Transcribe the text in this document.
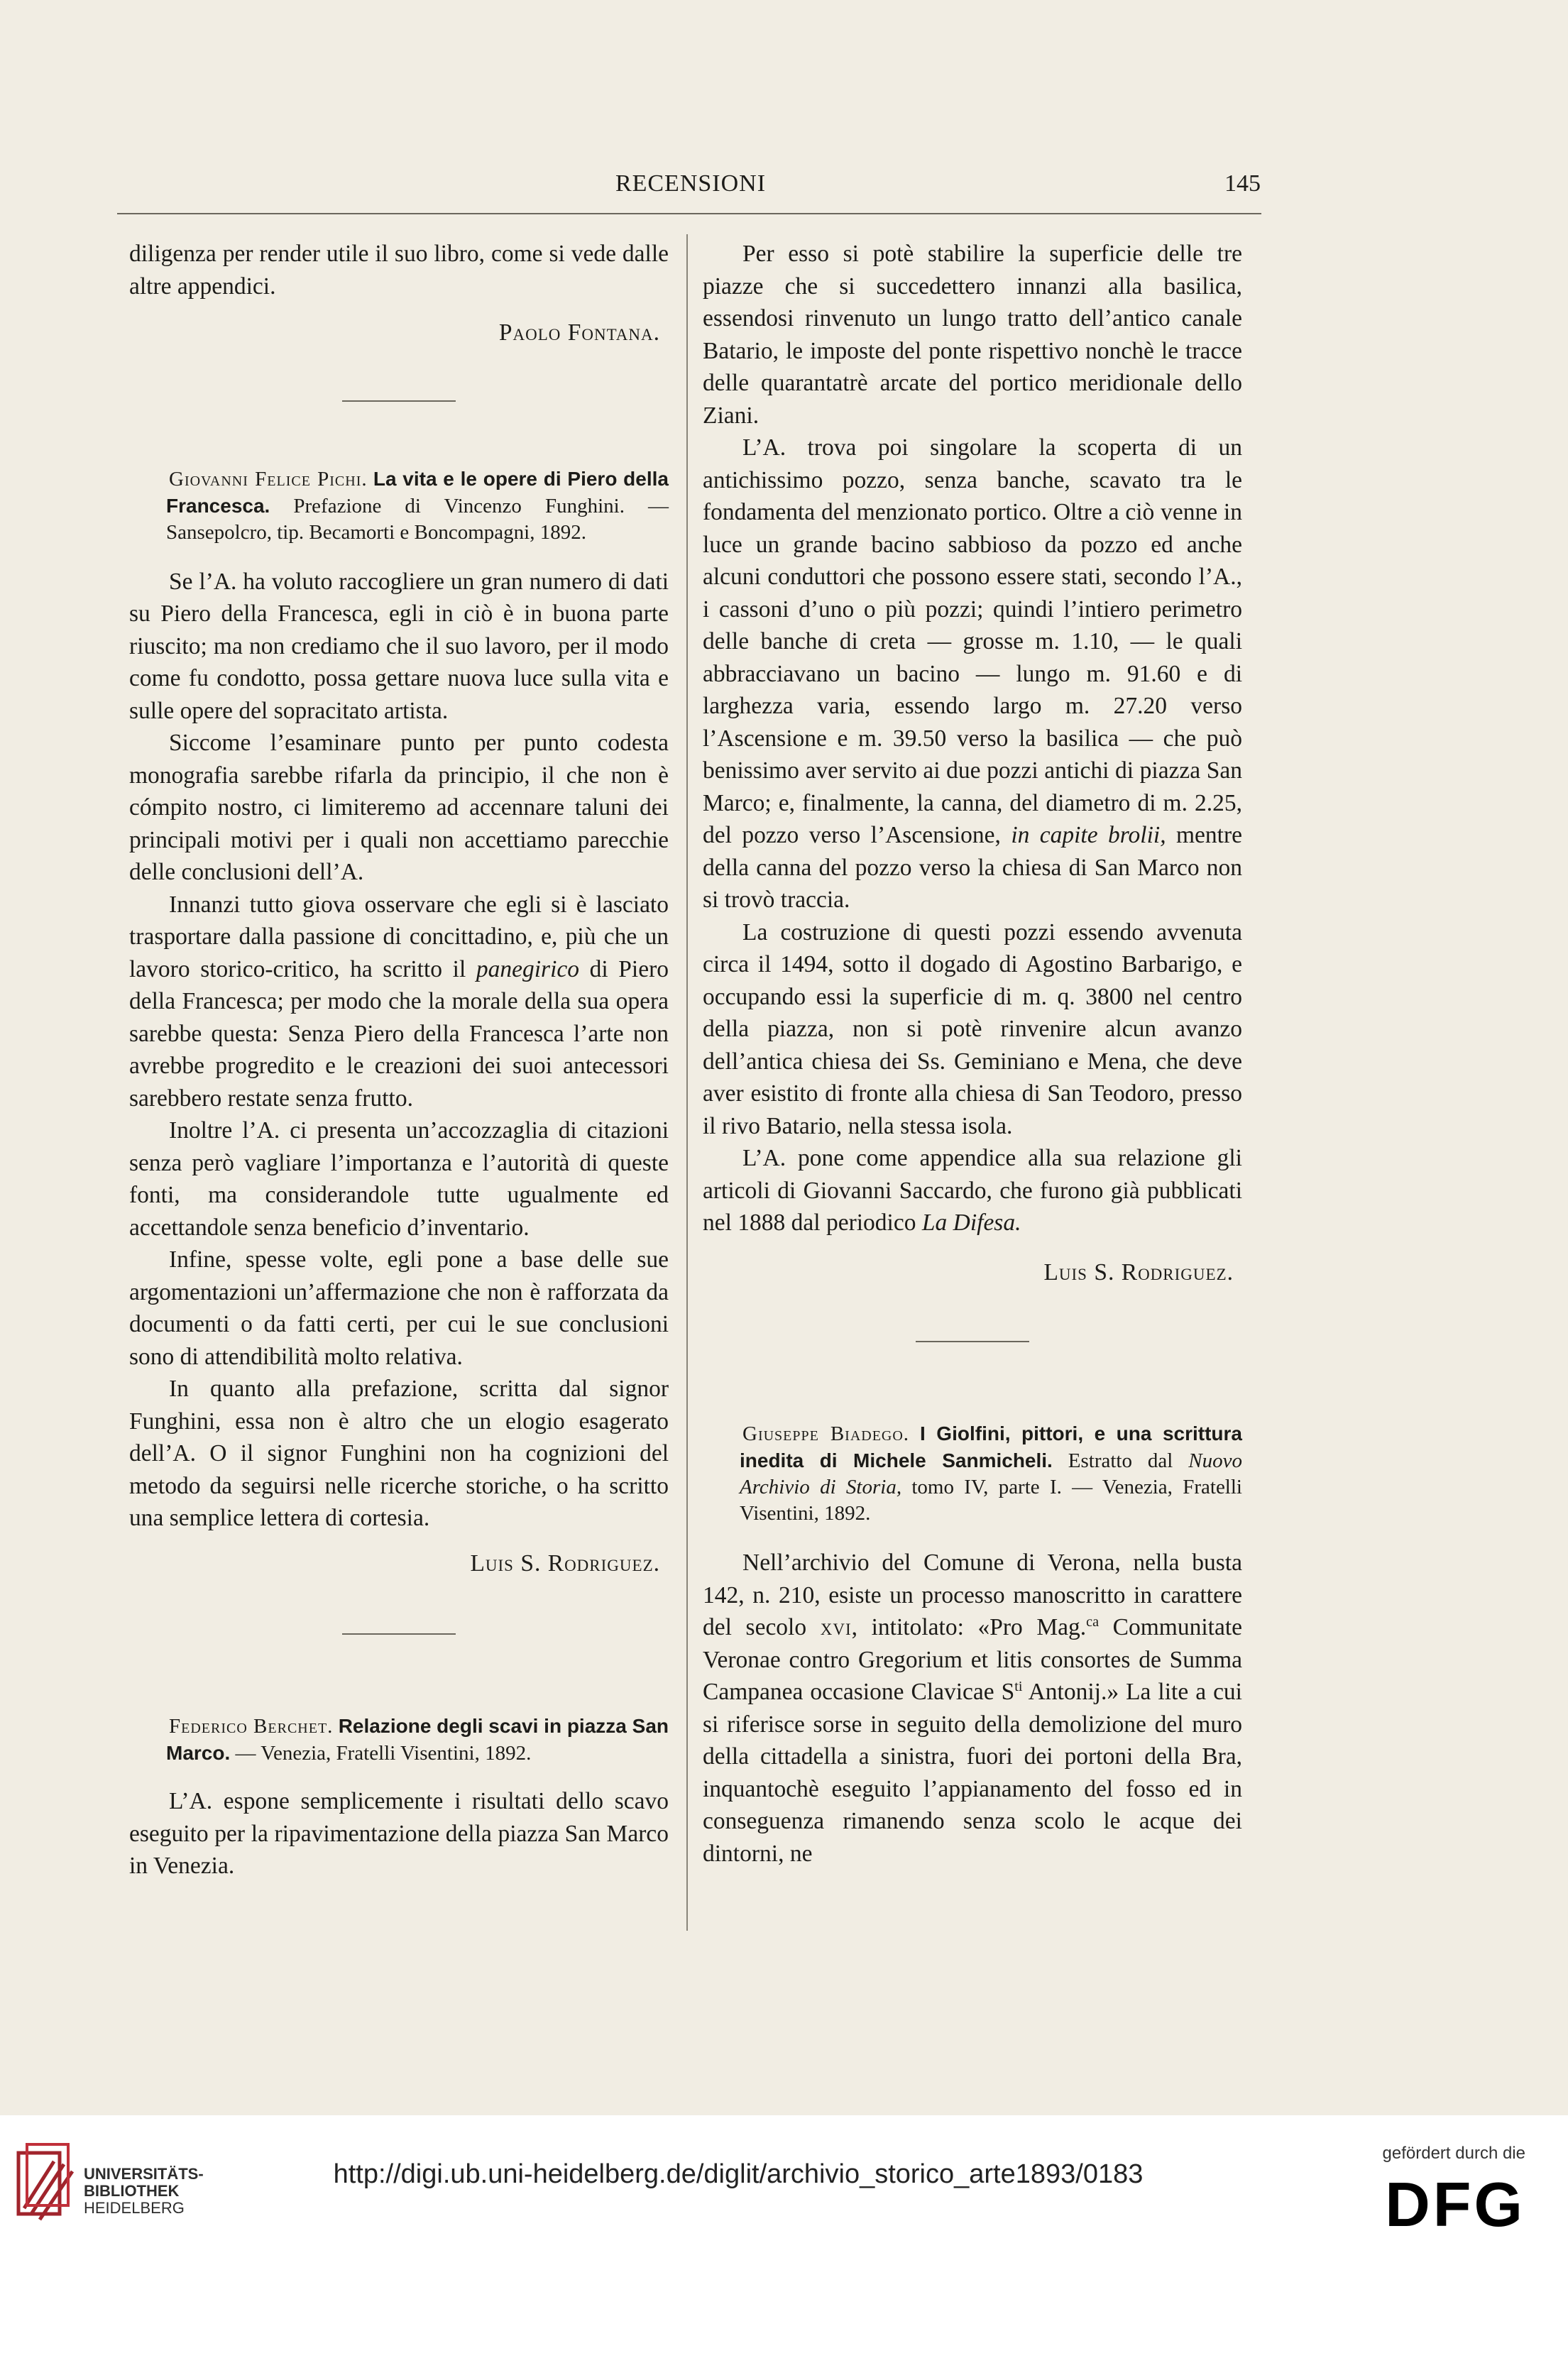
RECENSIONI	145

diligenza per render utile il suo libro, come si vede dalle altre appendici.

Paolo Fontana.

Giovanni Felice Pichi. La vita e le opere di Piero della Francesca. Prefazione di Vincenzo Funghini. — Sansepolcro, tip. Becamorti e Boncompagni, 1892.

Se l’A. ha voluto raccogliere un gran numero di dati su Piero della Francesca, egli in ciò è in buona parte riuscito; ma non crediamo che il suo lavoro, per il modo come fu condotto, possa gettare nuova luce sulla vita e sulle opere del sopracitato artista.

Siccome l’esaminare punto per punto codesta monografia sarebbe rifarla da principio, il che non è cómpito nostro, ci limiteremo ad accennare taluni dei principali motivi per i quali non accettiamo parecchie delle conclusioni dell’A.

Innanzi tutto giova osservare che egli si è lasciato trasportare dalla passione di concittadino, e, più che un lavoro storico-critico, ha scritto il panegirico di Piero della Francesca; per modo che la morale della sua opera sarebbe questa: Senza Piero della Francesca l’arte non avrebbe progredito e le creazioni dei suoi antecessori sarebbero restate senza frutto.

Inoltre l’A. ci presenta un’accozzaglia di citazioni senza però vagliare l’importanza e l’autorità di queste fonti, ma considerandole tutte ugualmente ed accettandole senza beneficio d’inventario.

Infine, spesse volte, egli pone a base delle sue argomentazioni un’affermazione che non è rafforzata da documenti o da fatti certi, per cui le sue conclusioni sono di attendibilità molto relativa.

In quanto alla prefazione, scritta dal signor Funghini, essa non è altro che un elogio esagerato dell’A. O il signor Funghini non ha cognizioni del metodo da seguirsi nelle ricerche storiche, o ha scritto una semplice lettera di cortesia.

Luis S. Rodriguez.

Federico Berchet. Relazione degli scavi in piazza San Marco. — Venezia, Fratelli Visentini, 1892.

L’A. espone semplicemente i risultati dello scavo eseguito per la ripavimentazione della piazza San Marco in Venezia.

Per esso si potè stabilire la superficie delle tre piazze che si succedettero innanzi alla basilica, essendosi rinvenuto un lungo tratto dell’antico canale Batario, le imposte del ponte rispettivo nonchè le tracce delle quarantatrè arcate del portico meridionale dello Ziani.

L’A. trova poi singolare la scoperta di un antichissimo pozzo, senza banche, scavato tra le fondamenta del menzionato portico. Oltre a ciò venne in luce un grande bacino sabbioso da pozzo ed anche alcuni conduttori che possono essere stati, secondo l’A., i cassoni d’uno o più pozzi; quindi l’intiero perimetro delle banche di creta — grosse m. 1.10, — le quali abbracciavano un bacino — lungo m. 91.60 e di larghezza varia, essendo largo m. 27.20 verso l’Ascensione e m. 39.50 verso la basilica — che può benissimo aver servito ai due pozzi antichi di piazza San Marco; e, finalmente, la canna, del diametro di m. 2.25, del pozzo verso l’Ascensione, in capite brolii, mentre della canna del pozzo verso la chiesa di San Marco non si trovò traccia.

La costruzione di questi pozzi essendo avvenuta circa il 1494, sotto il dogado di Agostino Barbarigo, e occupando essi la superficie di m. q. 3800 nel centro della piazza, non si potè rinvenire alcun avanzo dell’antica chiesa dei Ss. Geminiano e Mena, che deve aver esistito di fronte alla chiesa di San Teodoro, presso il rivo Batario, nella stessa isola.

L’A. pone come appendice alla sua relazione gli articoli di Giovanni Saccardo, che furono già pubblicati nel 1888 dal periodico La Difesa.

Luis S. Rodriguez.

Giuseppe Biadego. I Giolfini, pittori, e una scrittura inedita di Michele Sanmicheli. Estratto dal Nuovo Archivio di Storia, tomo IV, parte I. — Venezia, Fratelli Visentini, 1892.

Nell’archivio del Comune di Verona, nella busta 142, n. 210, esiste un processo manoscritto in carattere del secolo xvi, intitolato: «Pro Mag.$^{ca}$ Communitate Veronae contro Gregorium et litis consortes de Summa Campanea occasione Clavicae $S^{ti}$ Antonij.» La lite a cui si riferisce sorse in seguito della demolizione del muro della cittadella a sinistra, fuori dei portoni della Bra, inquantochè eseguito l’appianamento del fosso ed in conseguenza rimanendo senza scolo le acque dei dintorni, ne

UNIVERSITÄTS-
BIBLIOTHEK
HEIDELBERG
http://digi.ub.uni-heidelberg.de/diglit/archivio_storico_arte1893/0183
gefördert durch die
DFG
